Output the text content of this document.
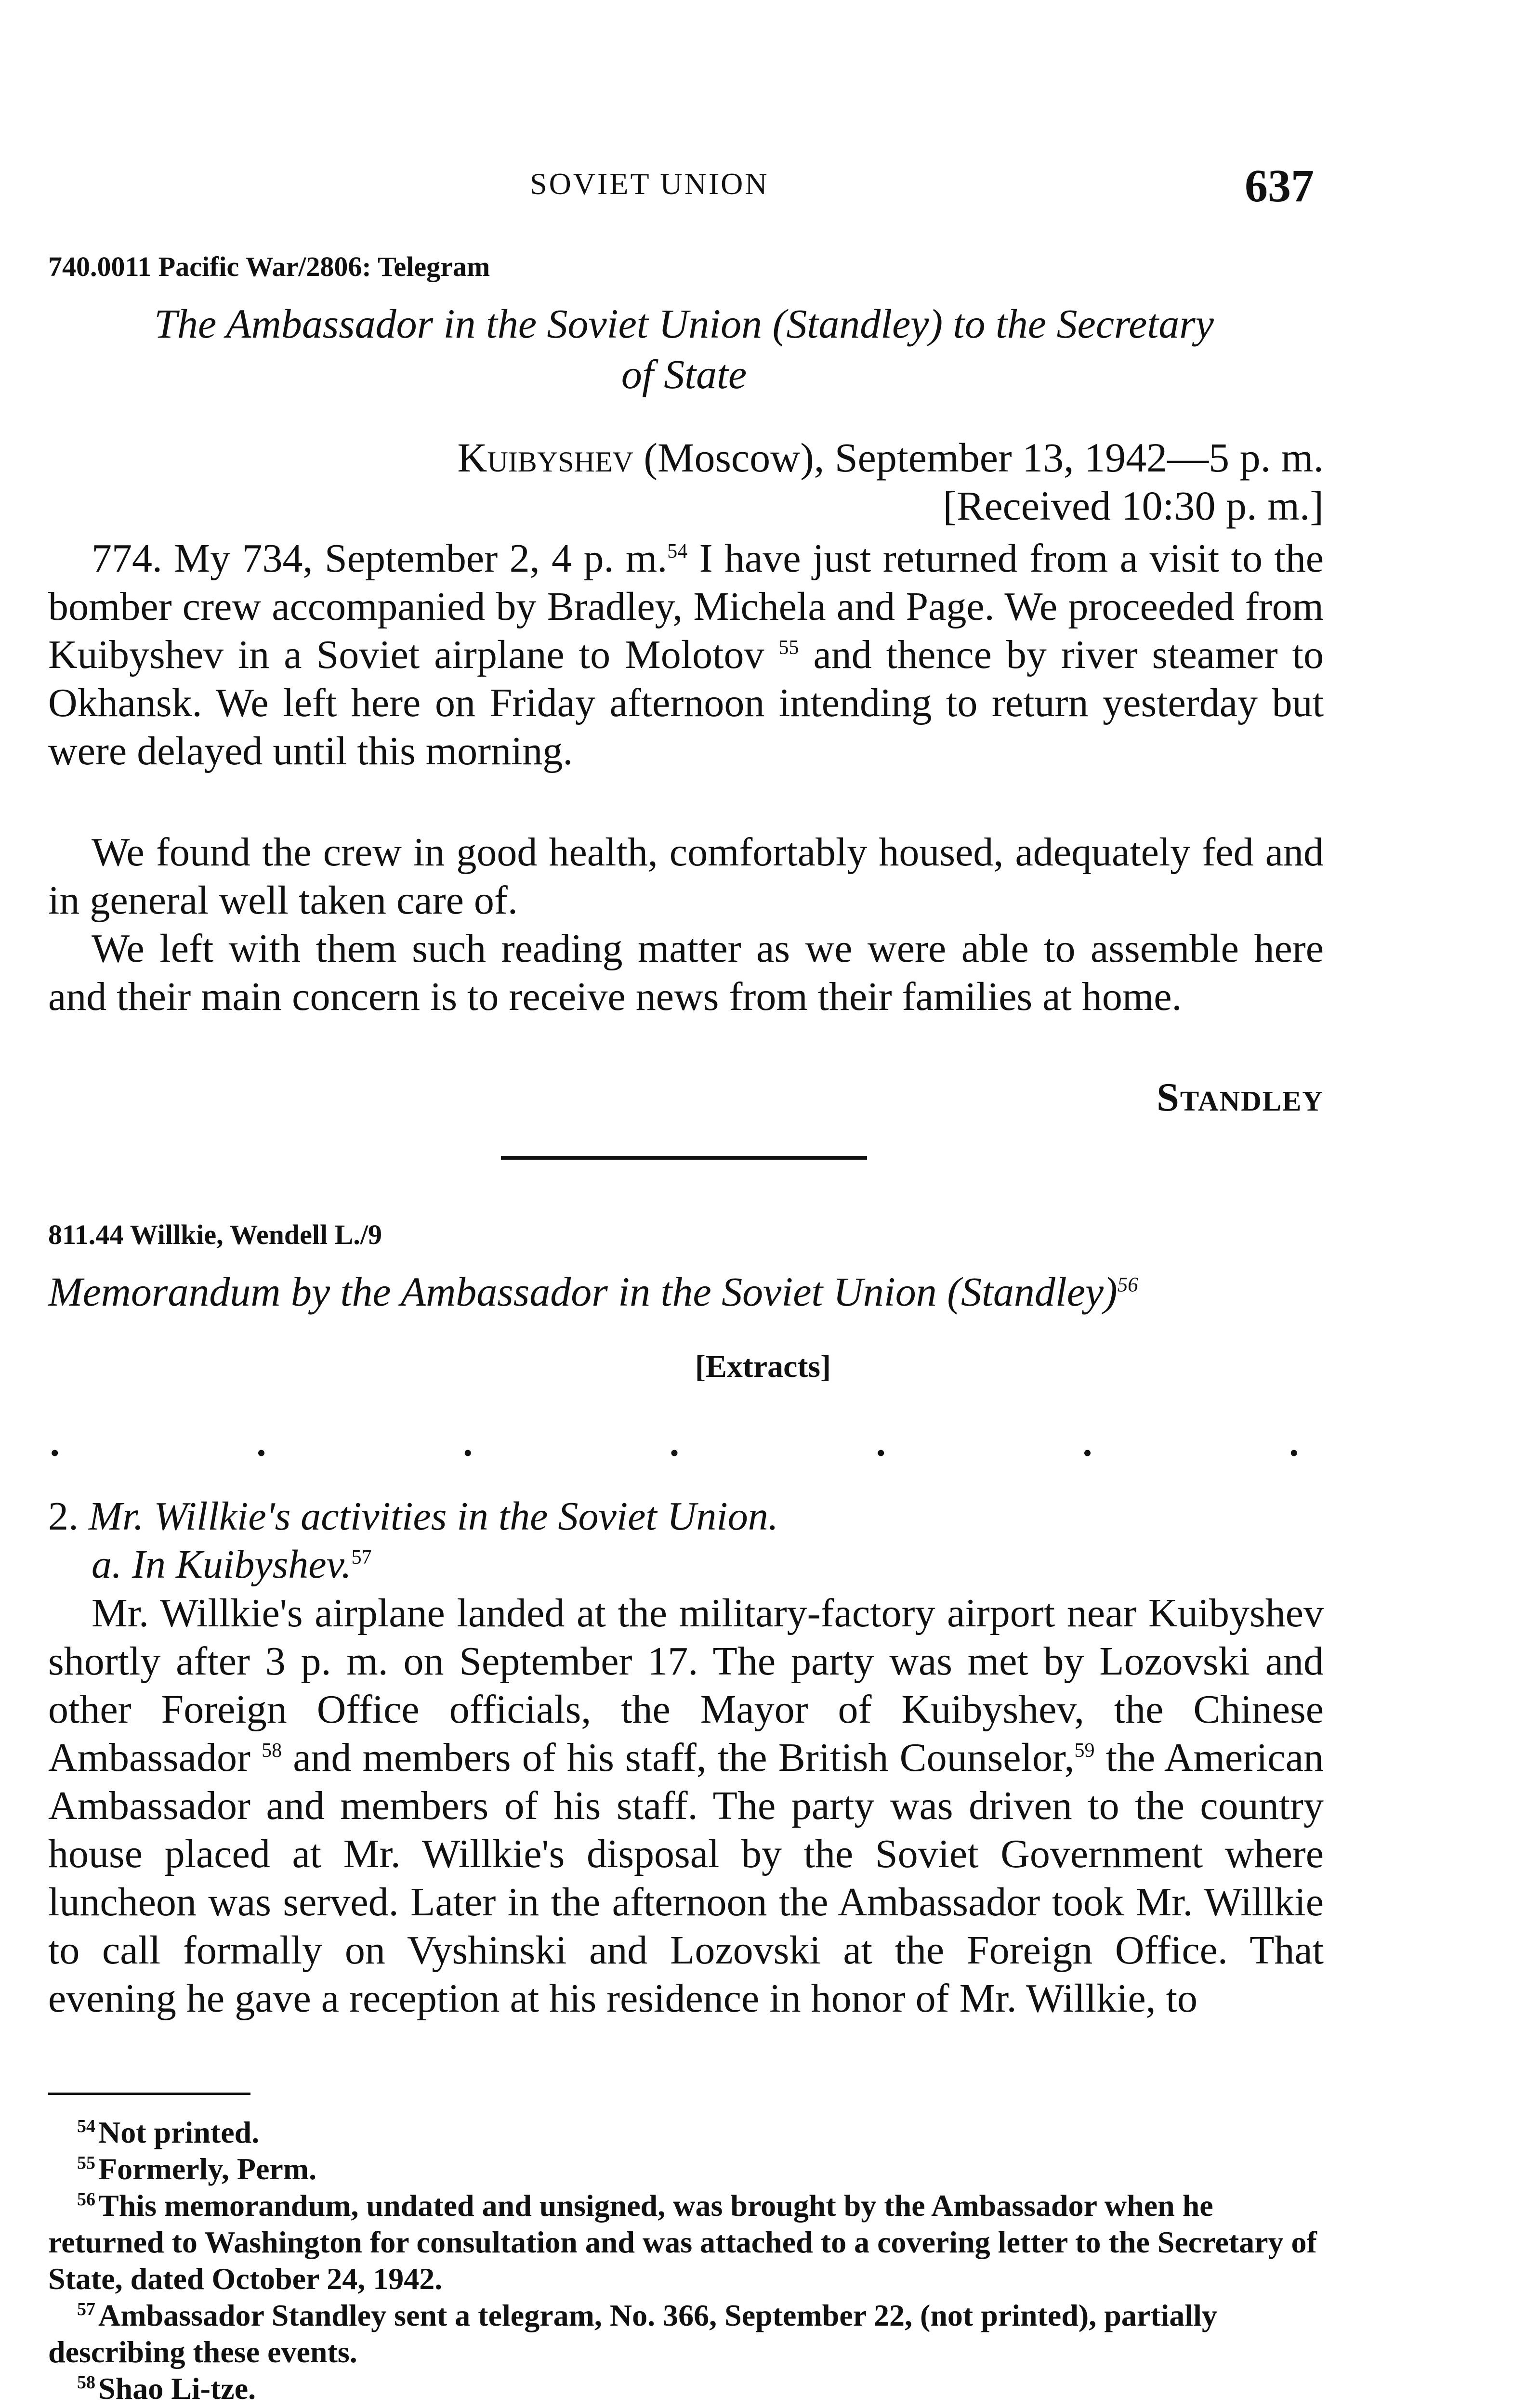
SOVIET UNION	637
740.0011 Pacific War/2806: Telegram
The Ambassador in the Soviet Union (Standley) to the Secretary
of State
Kuibyshev (Moscow), September 13, 1942—5 p. m.
[Received 10:30 p. m.]

774. My 734, September 2, 4 p. m.$^{54}$ I have just returned from a visit to the bomber crew accompanied by Bradley, Michela and Page. We proceeded from Kuibyshev in a Soviet airplane to Molotov $^{55}$ and thence by river steamer to Okhansk. We left here on Friday afternoon intending to return yesterday but were delayed until this morning.

We found the crew in good health, comfortably housed, adequately fed and in general well taken care of.

We left with them such reading matter as we were able to assemble here and their main concern is to receive news from their families at home.

Standley
811.44 Willkie, Wendell L./9
Memorandum by the Ambassador in the Soviet Union (Standley)$^{56}$
[Extracts]
.	.	.	.	.	.	.
2. Mr. Willkie's activities in the Soviet Union.
a. In Kuibyshev.$^{57}$

Mr. Willkie's airplane landed at the military-factory airport near Kuibyshev shortly after 3 p. m. on September 17. The party was met by Lozovski and other Foreign Office officials, the Mayor of Kuibyshev, the Chinese Ambassador $^{58}$ and members of his staff, the British Counselor,$^{59}$ the American Ambassador and members of his staff. The party was driven to the country house placed at Mr. Willkie's disposal by the Soviet Government where luncheon was served. Later in the afternoon the Ambassador took Mr. Willkie to call formally on Vyshinski and Lozovski at the Foreign Office. That evening he gave a reception at his residence in honor of Mr. Willkie, to

$^{54}$Not printed.

$^{55}$Formerly, Perm.

$^{56}$This memorandum, undated and unsigned, was brought by the Ambassador when he returned to Washington for consultation and was attached to a covering letter to the Secretary of State, dated October 24, 1942.

$^{57}$Ambassador Standley sent a telegram, No. 366, September 22, (not printed), partially describing these events.

$^{58}$Shao Li-tze.
